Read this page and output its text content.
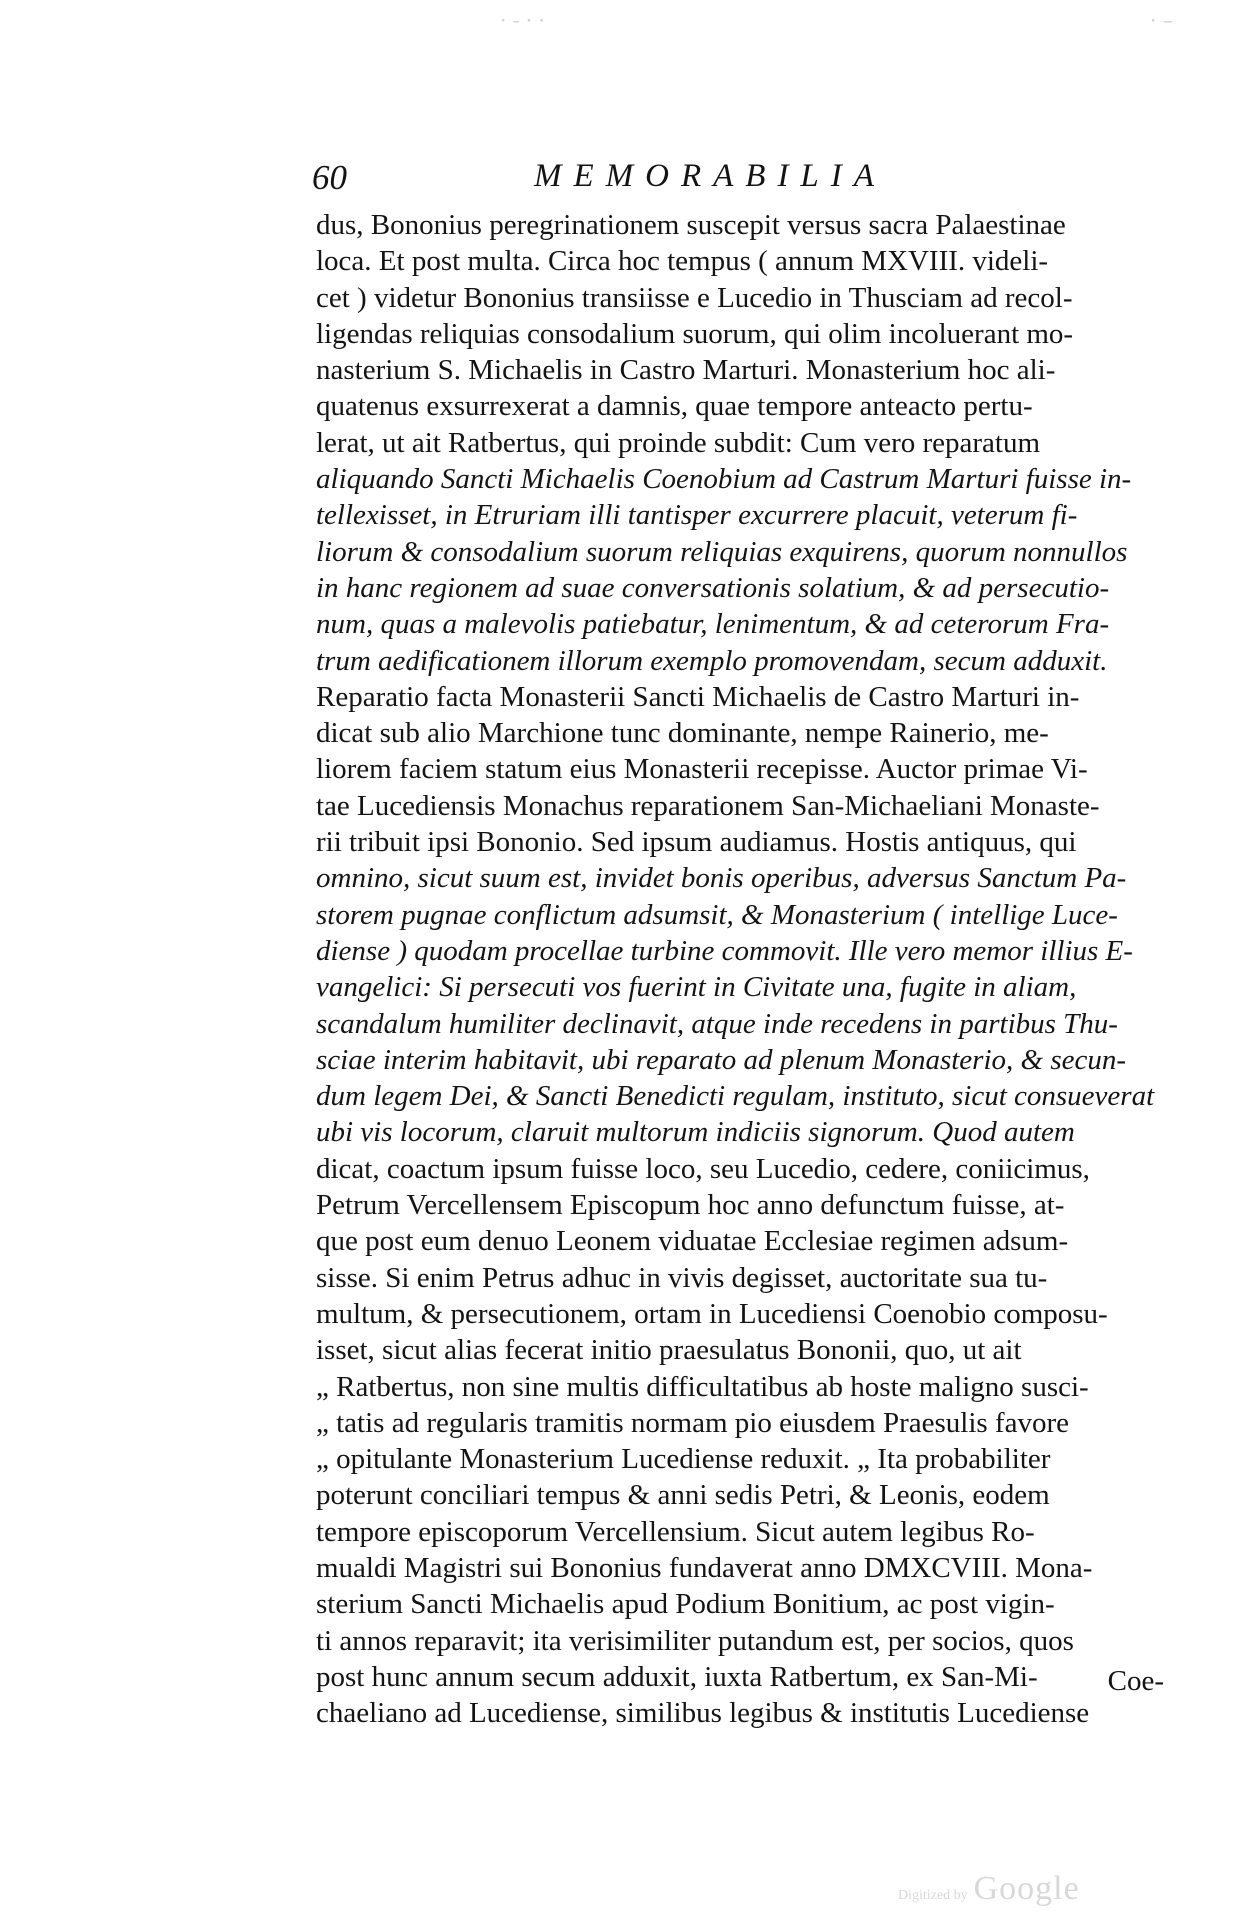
· ‑ · ·	· –
60	MEMORABILIA
dus, Bononius peregrinationem suscepit versus sacra Palaestinae
loca. Et post multa. Circa hoc tempus ( annum MXVIII. videli-
cet ) videtur Bononius transiisse e Lucedio in Thusciam ad recol-
ligendas reliquias consodalium suorum, qui olim incoluerant mo-
nasterium S. Michaelis in Castro Marturi. Monasterium hoc ali-
quatenus exsurrexerat a damnis, quae tempore anteacto pertu-
lerat, ut ait Ratbertus, qui proinde subdit: Cum vero reparatum
aliquando Sancti Michaelis Coenobium ad Castrum Marturi fuisse in-
tellexisset, in Etruriam illi tantisper excurrere placuit, veterum fi-
liorum & consodalium suorum reliquias exquirens, quorum nonnullos
in hanc regionem ad suae conversationis solatium, & ad persecutio-
num, quas a malevolis patiebatur, lenimentum, & ad ceterorum Fra-
trum aedificationem illorum exemplo promovendam, secum adduxit.
Reparatio facta Monasterii Sancti Michaelis de Castro Marturi in-
dicat sub alio Marchione tunc dominante, nempe Rainerio, me-
liorem faciem statum eius Monasterii recepisse. Auctor primae Vi-
tae Lucediensis Monachus reparationem San-Michaeliani Monaste-
rii tribuit ipsi Bononio. Sed ipsum audiamus. Hostis antiquus, qui
omnino, sicut suum est, invidet bonis operibus, adversus Sanctum Pa-
storem pugnae conflictum adsumsit, & Monasterium ( intellige Luce-
diense ) quodam procellae turbine commovit. Ille vero memor illius E-
vangelici: Si persecuti vos fuerint in Civitate una, fugite in aliam,
scandalum humiliter declinavit, atque inde recedens in partibus Thu-
sciae interim habitavit, ubi reparato ad plenum Monasterio, & secun-
dum legem Dei, & Sancti Benedicti regulam, instituto, sicut consueverat
ubi vis locorum, claruit multorum indiciis signorum. Quod autem
dicat, coactum ipsum fuisse loco, seu Lucedio, cedere, coniicimus,
Petrum Vercellensem Episcopum hoc anno defunctum fuisse, at-
que post eum denuo Leonem viduatae Ecclesiae regimen adsum-
sisse. Si enim Petrus adhuc in vivis degisset, auctoritate sua tu-
multum, & persecutionem, ortam in Lucediensi Coenobio composu-
isset, sicut alias fecerat initio praesulatus Bononii, quo, ut ait
„ Ratbertus, non sine multis difficultatibus ab hoste maligno susci-
„ tatis ad regularis tramitis normam pio eiusdem Praesulis favore
„ opitulante Monasterium Lucediense reduxit. „ Ita probabiliter
poterunt conciliari tempus & anni sedis Petri, & Leonis, eodem
tempore episcoporum Vercellensium. Sicut autem legibus Ro-
mualdi Magistri sui Bononius fundaverat anno DMXCVIII. Mona-
sterium Sancti Michaelis apud Podium Bonitium, ac post vigin-
ti annos reparavit; ita verisimiliter putandum est, per socios, quos
post hunc annum secum adduxit, iuxta Ratbertum, ex San-Mi-
chaeliano ad Lucediense, similibus legibus & institutis Lucediense
Coe-
Digitized by Google
